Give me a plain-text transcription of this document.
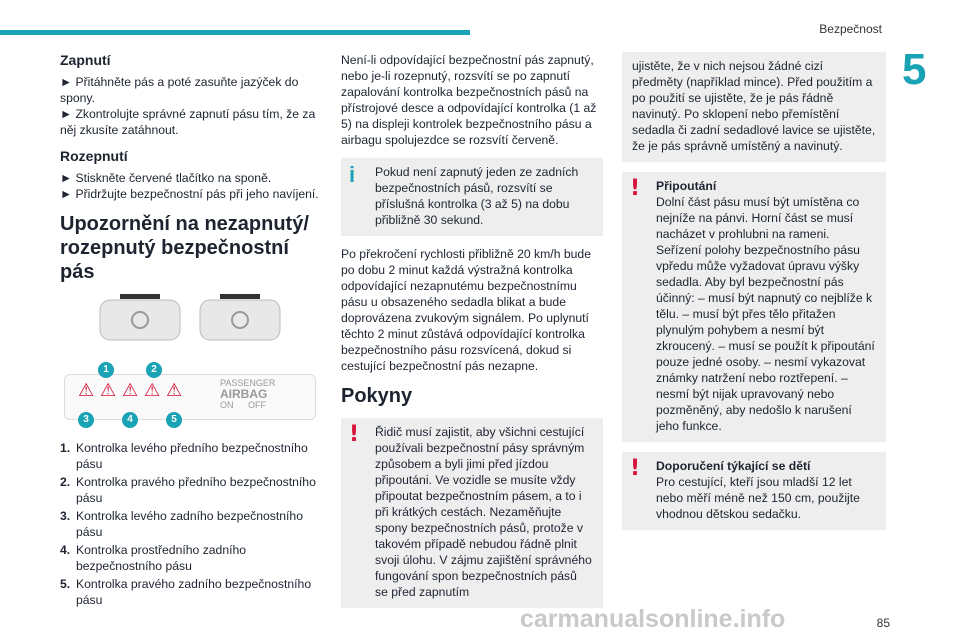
Bezpečnost
5
Zapnutí

► Přitáhněte pás a poté zasuňte jazýček do spony.

► Zkontrolujte správné zapnutí pásu tím, že za něj zkusíte zatáhnout.

Rozepnutí

► Stiskněte červené tlačítko na sponě.

► Přidržujte bezpečnostní pás při jeho navíjení.

Upozornění na nezapnutý/ rozepnutý bezpečnostní pás
1	2
3	4	5
⚠ ⚠ ⚠ ⚠ ⚠	PASSENGER
AIRBAG
ON OFF
1. Kontrolka levého předního bezpečnostního pásu
2. Kontrolka pravého předního bezpečnostního pásu
3. Kontrolka levého zadního bezpečnostního pásu
4. Kontrolka prostředního zadního bezpečnostního pásu
5. Kontrolka pravého zadního bezpečnostního pásu

Není-li odpovídající bezpečnostní pás zapnutý, nebo je-li rozepnutý, rozsvítí se po zapnutí zapalování kontrolka bezpečnostních pásů na přístrojové desce a odpovídající kontrolka (1 až 5) na displeji kontrolek bezpečnostního pásu a airbagu spolujezdce se rozsvítí červeně.

i	Pokud není zapnutý jeden ze zadních bezpečnostních pásů, rozsvítí se příslušná kontrolka (3 až 5) na dobu přibližně 30 sekund.

Po překročení rychlosti přibližně 20 km/h bude po dobu 2 minut každá výstražná kontrolka odpovídající nezapnutému bezpečnostnímu pásu u obsazeného sedadla blikat a bude doprovázena zvukovým signálem. Po uplynutí těchto 2 minut zůstává odpovídající kontrolka bezpečnostního pásu rozsvícená, dokud si cestující bezpečnostní pás nezapne.

Pokyny
!	Řidič musí zajistit, aby všichni cestující používali bezpečnostní pásy správným způsobem a byli jimi před jízdou připoutáni. Ve vozidle se musíte vždy připoutat bezpečnostním pásem, a to i při krátkých cestách. Nezaměňujte spony bezpečnostních pásů, protože v takovém případě nebudou řádně plnit svoji úlohu. V zájmu zajištění správného fungování spon bezpečnostních pásů se před zapnutím

ujistěte, že v nich nejsou žádné cizí předměty (například mince). Před použitím a po použití se ujistěte, že je pás řádně navinutý. Po sklopení nebo přemístění sedadla či zadní sedadlové lavice se ujistěte, že je pás správně umístěný a navinutý.

!	Připoutání

Dolní část pásu musí být umístěna co nejníže na pánvi. Horní část se musí nacházet v prohlubni na rameni. Seřízení polohy bezpečnostního pásu vpředu může vyžadovat úpravu výšky sedadla. Aby byl bezpečnostní pás účinný: – musí být napnutý co nejblíže k tělu. – musí být přes tělo přitažen plynulým pohybem a nesmí být zkroucený. – musí se použít k připoutání pouze jedné osoby. – nesmí vykazovat známky natržení nebo roztřepení. – nesmí být nijak upravovaný nebo pozměněný, aby nedošlo k narušení jeho funkce.

!	Doporučení týkající se dětí

Pro cestující, kteří jsou mladší 12 let nebo měří méně než 150 cm, použijte vhodnou dětskou sedačku.

carmanualsonline.info	85
